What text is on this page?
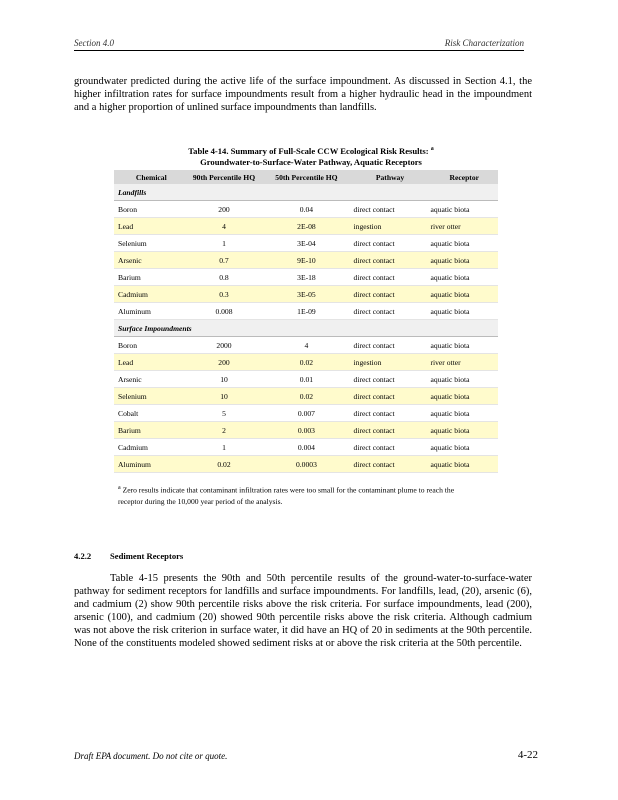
Section 4.0	Risk Characterization
groundwater predicted during the active life of the surface impoundment. As discussed in Section 4.1, the higher infiltration rates for surface impoundments result from a higher hydraulic head in the impoundment and a higher proportion of unlined surface impoundments than landfills.
Table 4-14. Summary of Full-Scale CCW Ecological Risk Results: $^a$
Groundwater-to-Surface-Water Pathway, Aquatic Receptors
Chemical	90th Percentile HQ	50th Percentile HQ	Pathway	Receptor
Landfills				
Boron	200	0.04	direct contact	aquatic biota
Lead	4	2E-08	ingestion	river otter
Selenium	1	3E-04	direct contact	aquatic biota
Arsenic	0.7	9E-10	direct contact	aquatic biota
Barium	0.8	3E-18	direct contact	aquatic biota
Cadmium	0.3	3E-05	direct contact	aquatic biota
Aluminum	0.008	1E-09	direct contact	aquatic biota
Surface Impoundments				
Boron	2000	4	direct contact	aquatic biota
Lead	200	0.02	ingestion	river otter
Arsenic	10	0.01	direct contact	aquatic biota
Selenium	10	0.02	direct contact	aquatic biota
Cobalt	5	0.007	direct contact	aquatic biota
Barium	2	0.003	direct contact	aquatic biota
Cadmium	1	0.004	direct contact	aquatic biota
Aluminum	0.02	0.0003	direct contact	aquatic biota
$^a$ Zero results indicate that contaminant infiltration rates were too small for the contaminant plume to reach the receptor during the 10,000 year period of the analysis.
4.2.2 Sediment Receptors
Table 4-15 presents the 90th and 50th percentile results of the ground-water-to-surface-water pathway for sediment receptors for landfills and surface impoundments. For landfills, lead, (20), arsenic (6), and cadmium (2) show 90th percentile risks above the risk criteria. For surface impoundments, lead (200), arsenic (100), and cadmium (20) showed 90th percentile risks above the risk criteria. Although cadmium was not above the risk criterion in surface water, it did have an HQ of 20 in sediments at the 90th percentile. None of the constituents modeled showed sediment risks at or above the risk criteria at the 50th percentile.
Draft EPA document. Do not cite or quote.	4-22
